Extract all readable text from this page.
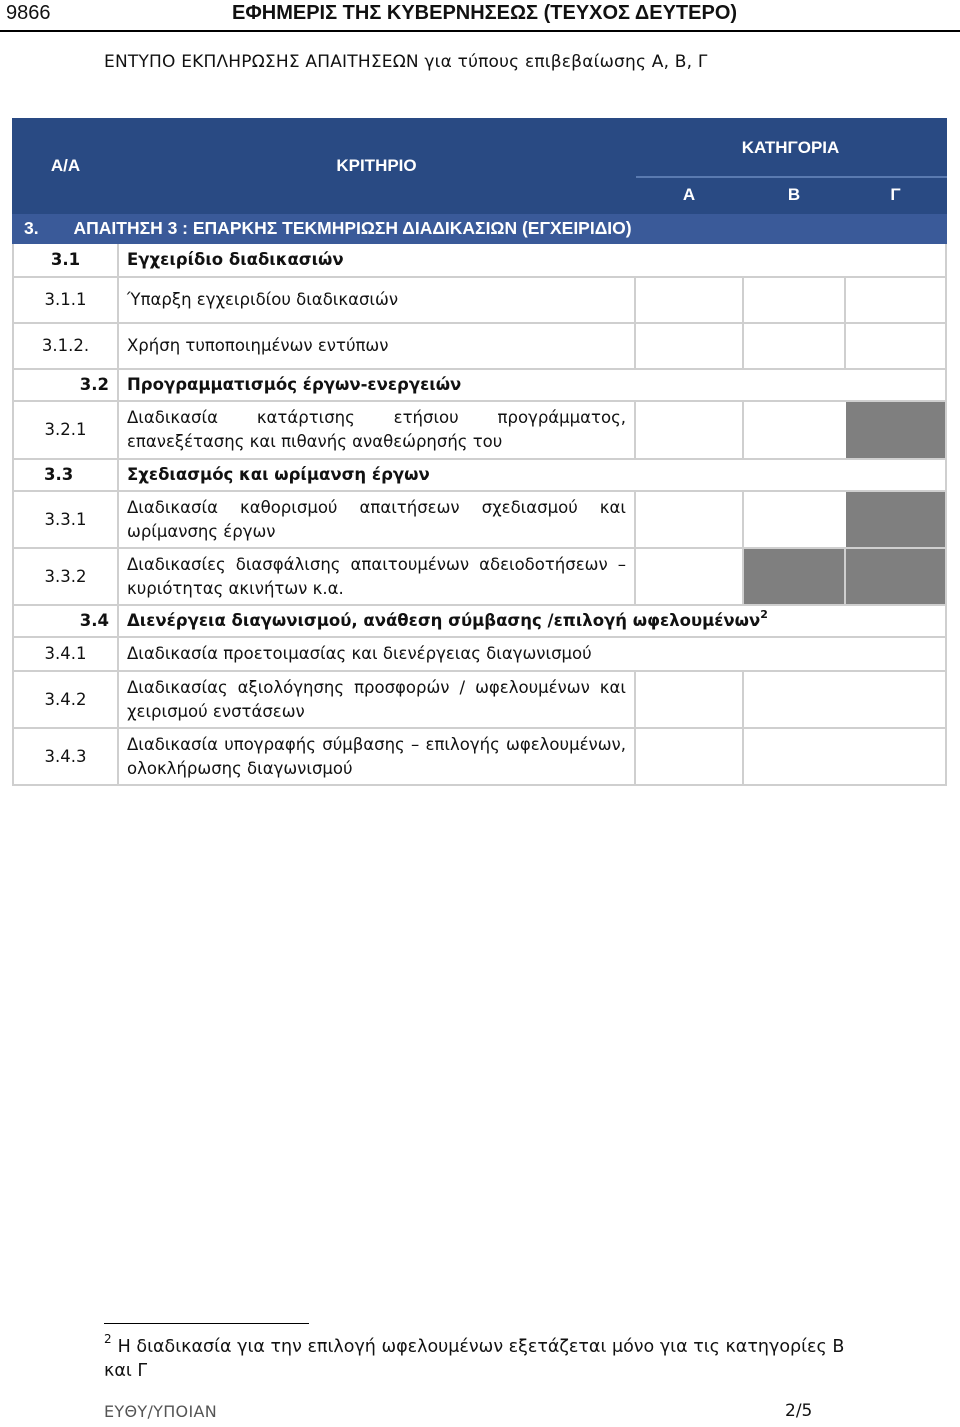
9866	ΕΦΗΜΕΡΙΣ ΤΗΣ ΚΥΒΕΡΝΗΣΕΩΣ (ΤΕΥΧΟΣ ΔΕΥΤΕΡΟ)
ΕΝΤΥΠΟ ΕΚΠΛΗΡΩΣΗΣ ΑΠΑΙΤΗΣΕΩΝ για τύπους επιβεβαίωσης Α, Β, Γ
Α/Α	ΚΡΙΤΗΡΙΟ	ΚΑΤΗΓΟΡΙΑ		
		Α	Β	Γ
3. ΑΠΑΙΤΗΣΗ 3 : ΕΠΑΡΚΗΣ ΤΕΚΜΗΡΙΩΣΗ ΔΙΑΔΙΚΑΣΙΩΝ (ΕΓΧΕΙΡΙΔΙΟ)				
3.1	Εγχειρίδιο διαδικασιών			
3.1.1	Ύπαρξη εγχειριδίου διαδικασιών			
3.1.2.	Χρήση τυποποιημένων εντύπων			
3.2	Προγραμματισμός έργων-ενεργειών			
3.2.1	Διαδικασία κατάρτισης ετήσιου προγράμματος, επανεξέτασης και πιθανής αναθεώρησής του			
3.3	Σχεδιασμός και ωρίμανση έργων			
3.3.1	Διαδικασία καθορισμού απαιτήσεων σχεδιασμού και ωρίμανσης έργων			
3.3.2	Διαδικασίες διασφάλισης απαιτουμένων αδειοδοτήσεων – κυριότητας ακινήτων κ.α.			
3.4	Διενέργεια διαγωνισμού, ανάθεση σύμβασης /επιλογή ωφελουμένων$^2$
3.4.1	Διαδικασία προετοιμασίας και διενέργειας διαγωνισμού			
3.4.2	Διαδικασίας αξιολόγησης προσφορών / ωφελουμένων και χειρισμού ενστάσεων			
3.4.3	Διαδικασία υπογραφής σύμβασης – επιλογής ωφελουμένων, ολοκλήρωσης διαγωνισμού			
$^2$ Η διαδικασία για την επιλογή ωφελουμένων εξετάζεται μόνο για τις κατηγορίες Β και Γ
ΕΥΘΥ/ΥΠΟΙΑΝ	2/5
